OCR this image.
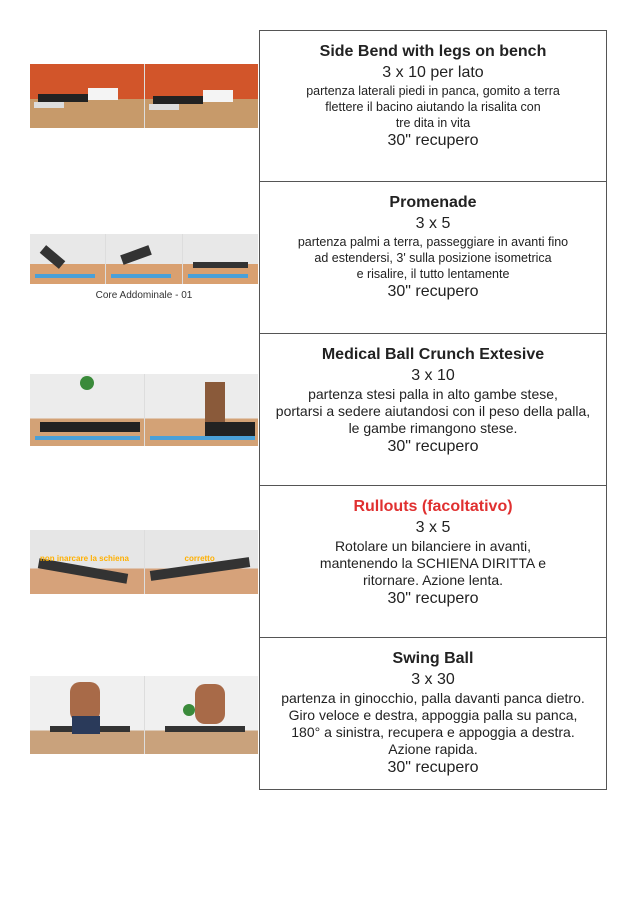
Side Bend with legs on bench
3 x 10 per lato
partenza laterali piedi in panca, gomito a terra
flettere il bacino aiutando la risalita con
tre dita in vita
30" recupero
Promenade
3 x 5
partenza palmi a terra, passeggiare in avanti fino
ad estendersi, 3' sulla posizione isometrica
e risalire, il tutto lentamente
30" recupero
Core Addominale - 01
Medical Ball Crunch Extesive
3 x 10
partenza stesi palla in alto gambe stese,
portarsi a sedere aiutandosi con il peso della palla,
le gambe rimangono stese.
30" recupero
non inarcare la schiena	corretto
Rullouts (facoltativo)
3 x 5
Rotolare un bilanciere in avanti,
mantenendo la SCHIENA DIRITTA e
ritornare. Azione lenta.
30" recupero
Swing Ball
3 x 30
partenza in ginocchio, palla davanti panca dietro.
Giro veloce e destra, appoggia palla su panca,
180° a sinistra, recupera e appoggia a destra.
Azione rapida.
30" recupero
